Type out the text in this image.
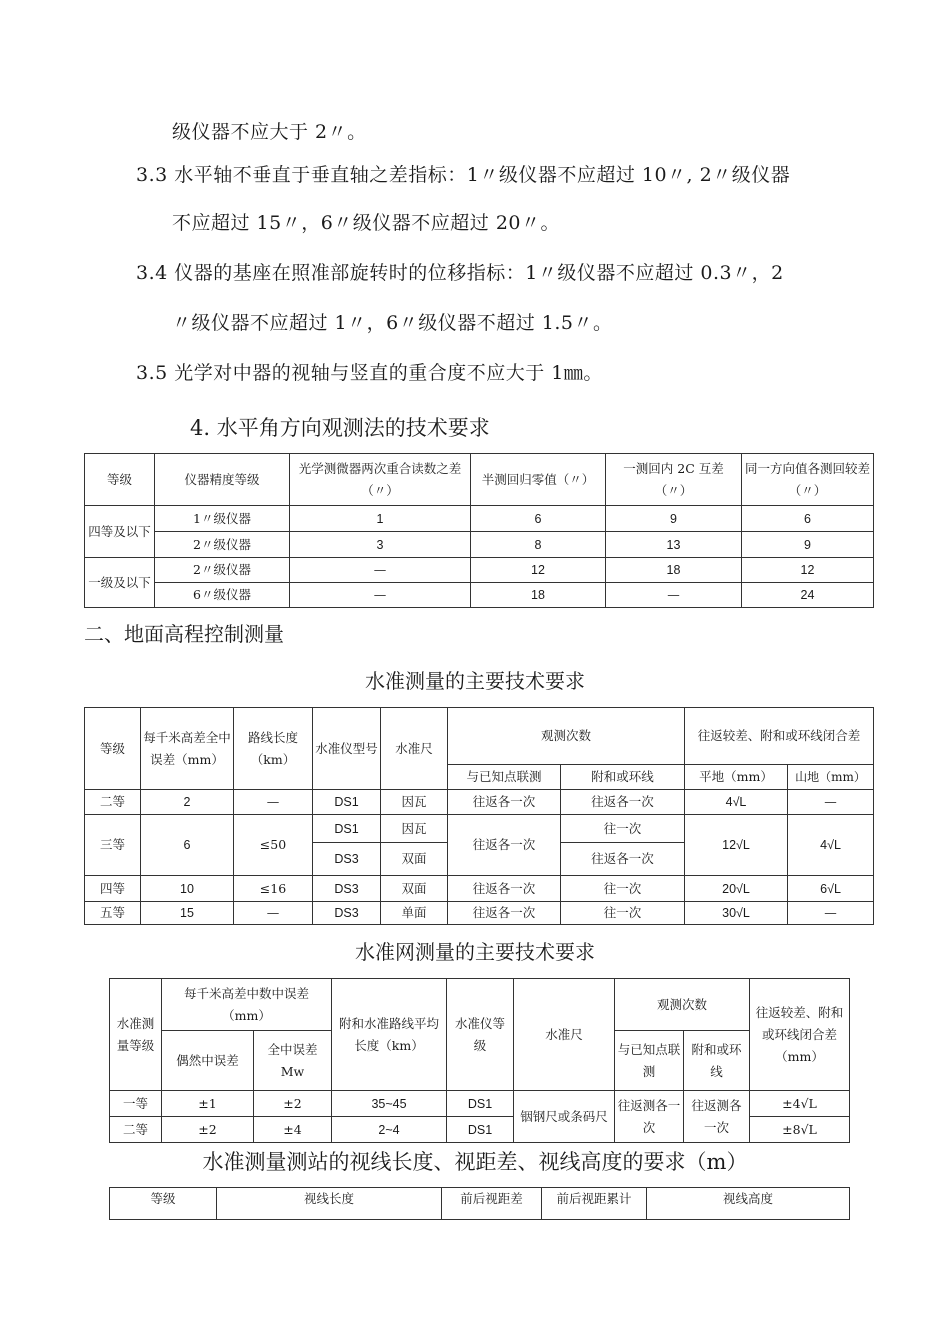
级仪器不应大于 2〃。
3.3 水平轴不垂直于垂直轴之差指标：1〃级仪器不应超过 10〃, 2〃级仪器
不应超过 15〃，6〃级仪器不应超过 20〃。
3.4 仪器的基座在照准部旋转时的位移指标：1〃级仪器不应超过 0.3〃，2
〃级仪器不应超过 1〃，6〃级仪器不超过 1.5〃。
3.5 光学对中器的视轴与竖直的重合度不应大于 1㎜。
4. 水平角方向观测法的技术要求
等级	仪器精度等级	光学测微器两次重合读数之差（〃）	半测回归零值（〃）	一测回内 2C 互差（〃）	同一方向值各测回较差（〃）
四等及以下	1〃级仪器	1	6	9	6
	2〃级仪器	3	8	13	9
一级及以下	2〃级仪器	—	12	18	12
	6〃级仪器	—	18	—	24
二、地面高程控制测量
水准测量的主要技术要求
等级	每千米高差全中误差（mm）	路线长度（km）	水准仪型号	水准尺	观测次数		往返较差、附和或环线闭合差	
					与已知点联测	附和或环线	平地（mm）	山地（mm）
二等	2	—	DS1	因瓦	往返各一次	往返各一次	4√L	—
三等	6	≤50	DS1	因瓦	往返各一次	往一次	12√L	4√L
			DS3	双面		往返各一次		
四等	10	≤16	DS3	双面	往返各一次	往一次	20√L	6√L
五等	15	—	DS3	单面	往返各一次	往一次	30√L	—
水准网测量的主要技术要求
水准测量等级	每千米高差中数中误差（mm）		附和水准路线平均长度（km）	水准仪等级	水准尺	观测次数		往返较差、附和或环线闭合差（mm）
	偶然中误差	全中误差 Mw				与已知点联测	附和或环线	
一等	±1	±2	35~45	DS1	铟钢尺或条码尺	往返测各一次	往返测各一次	±4√L
二等	±2	±4	2~4	DS1				±8√L
水准测量测站的视线长度、视距差、视线高度的要求（m）
等级	视线长度	前后视距差	前后视距累计	视线高度
